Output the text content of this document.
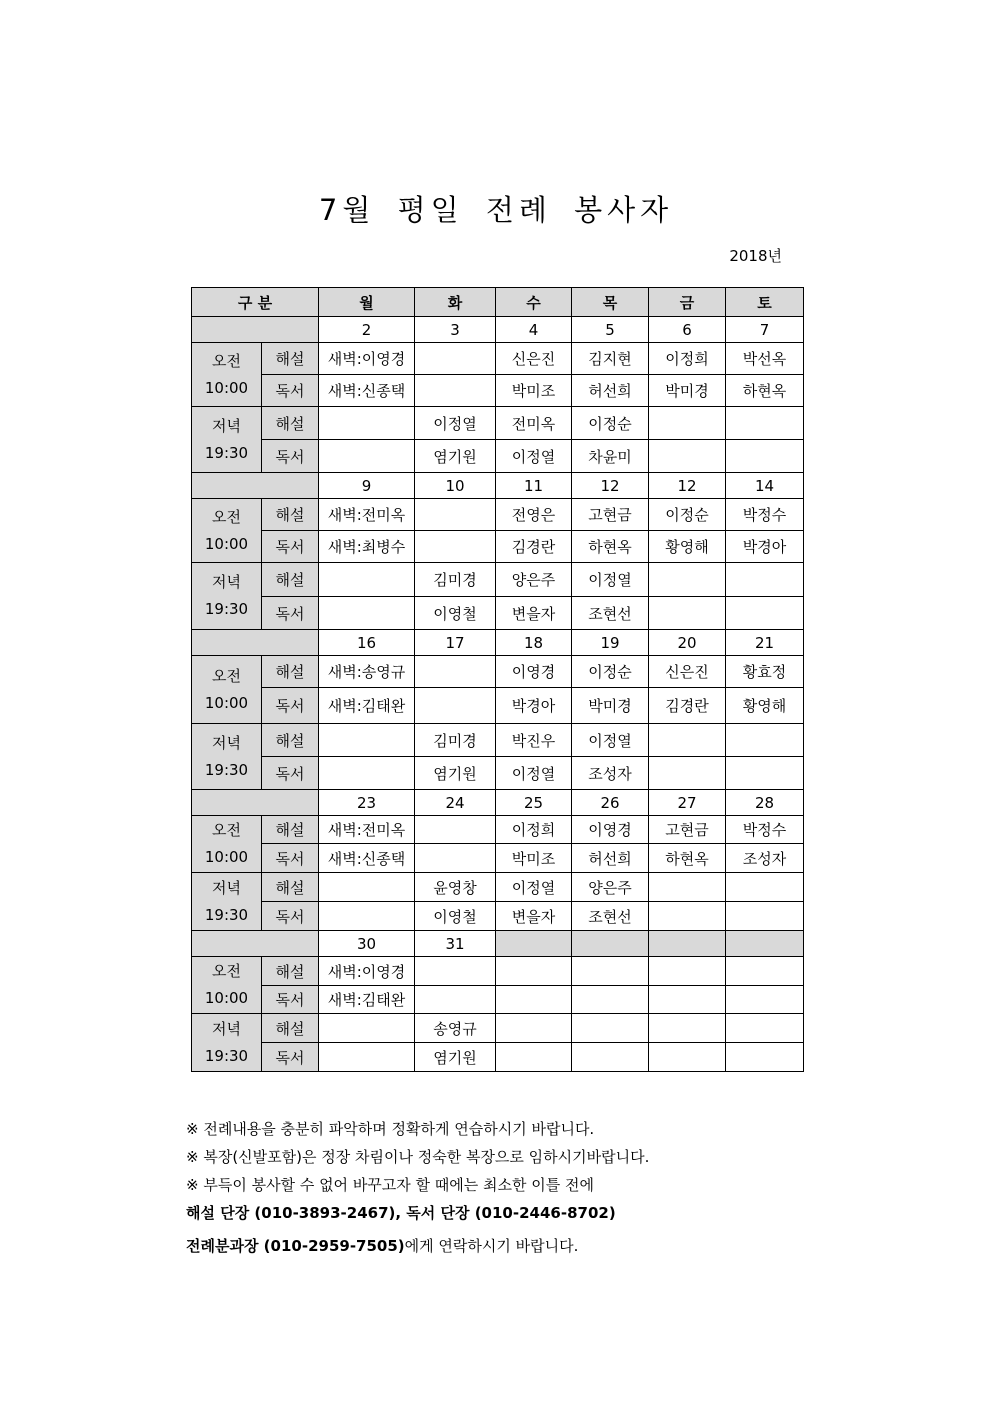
7월 평일 전례 봉사자
2018년
구 분		월	화	수	목	금	토
		2	3	4	5	6	7

오전
10:00	해설	새벽:이영경		신은진	김지현	이정희	박선옥
	독서	새벽:신종택		박미조	허선희	박미경	하현옥

저녁
19:30	해설		이정열	전미옥	이정순		
	독서		염기원	이정열	차윤미		
		9	10	11	12	12	14

오전
10:00	해설	새벽:전미옥		전영은	고현금	이정순	박정수
	독서	새벽:최병수		김경란	하현옥	황영해	박경아

저녁
19:30	해설		김미경	양은주	이정열		
	독서		이영철	변을자	조현선		
		16	17	18	19	20	21

오전
10:00	해설	새벽:송영규		이영경	이정순	신은진	황효정
	독서	새벽:김태완		박경아	박미경	김경란	황영해

저녁
19:30	해설		김미경	박진우	이정열		
	독서		염기원	이정열	조성자		
		23	24	25	26	27	28

오전
10:00	해설	새벽:전미옥		이정희	이영경	고현금	박정수
	독서	새벽:신종택		박미조	허선희	하현옥	조성자

저녁
19:30	해설		윤영창	이정열	양은주		
	독서		이영철	변을자	조현선		
		30	31				

오전
10:00	해설	새벽:이영경					
	독서	새벽:김태완					

저녁
19:30	해설		송영규				
	독서		염기원				
※ 전례내용을 충분히 파악하며 정확하게 연습하시기 바랍니다.
※ 복장(신발포함)은 정장 차림이나 정숙한 복장으로 임하시기바랍니다.
※ 부득이 봉사할 수 없어 바꾸고자 할 때에는 최소한 이틀 전에
해설 단장 (010-3893-2467), 독서 단장 (010-2446-8702)
전례분과장 (010-2959-7505)에게 연락하시기 바랍니다.
